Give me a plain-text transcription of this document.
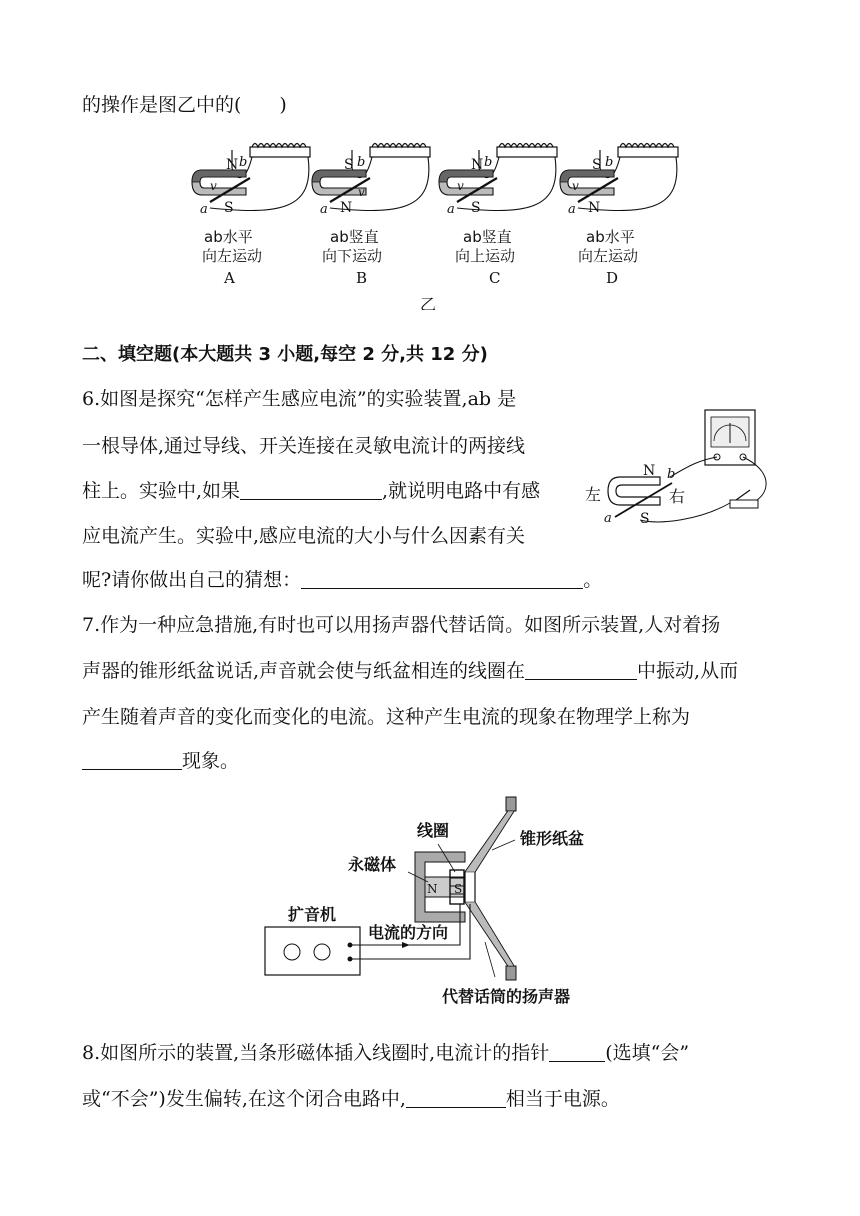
的操作是图乙中的(　　)
N
S
b
a
v
ab水平
向左运动
A
S
N
b
a
v
ab竖直
向下运动
B
N
S
b
a
v
ab竖直
向上运动
C
S
N
b
a
v
ab水平
向左运动
D
乙
二、填空题(本大题共 3 小题,每空 2 分,共 12 分)
6.如图是探究“怎样产生感应电流”的实验装置,ab 是
一根导体,通过导线、开关连接在灵敏电流计的两接线
柱上。实验中,如果	,就说明电路中有感
应电流产生。实验中,感应电流的大小与什么因素有关
呢?请你做出自己的猜想：	。
N
S
b
a
左	右
7.作为一种应急措施,有时也可以用扬声器代替话筒。如图所示装置,人对着扬
声器的锥形纸盆说话,声音就会使与纸盆相连的线圈在	中振动,从而
产生随着声音的变化而变化的电流。这种产生电流的现象在物理学上称为
现象。
N S
线圈	锥形纸盆
永磁体
扩音机
电流的方向
代替话筒的扬声器
8.如图所示的装置,当条形磁体插入线圈时,电流计的指针	(选填“会”
或“不会”)发生偏转,在这个闭合电路中,	相当于电源。
